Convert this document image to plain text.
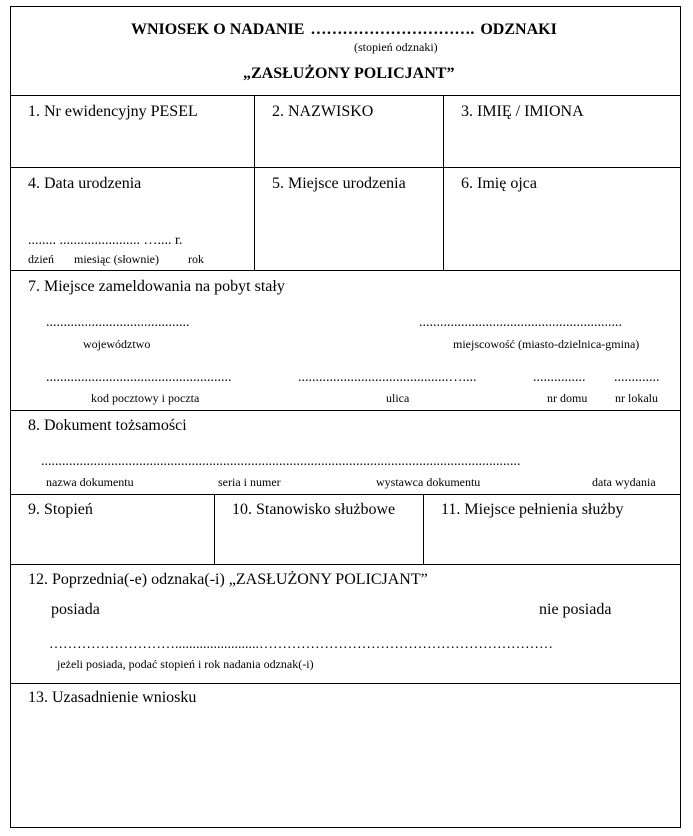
WNIOSEK O NADANIE …………………………. ODZNAKI
(stopień odznaki)
„ZASŁUŻONY POLICJANT”
1. Nr ewidencyjny PESEL	2. NAZWISKO	3. IMIĘ / IMIONA
4. Data urodzenia
........ ....................... ….... r.
dzień miesiąc (słownie) rok
5. Miejsce urodzenia	6. Imię ojca
7. Miejsce zameldowania na pobyt stały
.........................................
województwo
..........................................................
miejscowość (miasto-dzielnica-gmina)
.....................................................
kod pocztowy i poczta
...........................................…....
ulica
...............
nr domu
.............
nr lokalu
8. Dokument tożsamości
.........................................................................................................................................
nazwa dokumentu	seria i numer	wystawca dokumentu	data wydania
9. Stopień	10. Stanowisko służbowe	11. Miejsce pełnienia służby
12. Poprzednia(-e) odznaka(-i) „ZASŁUŻONY POLICJANT”
posiada	nie posiada
………………………........................………………………………………………………
jeżeli posiada, podać stopień i rok nadania odznak(-i)
13. Uzasadnienie wniosku
